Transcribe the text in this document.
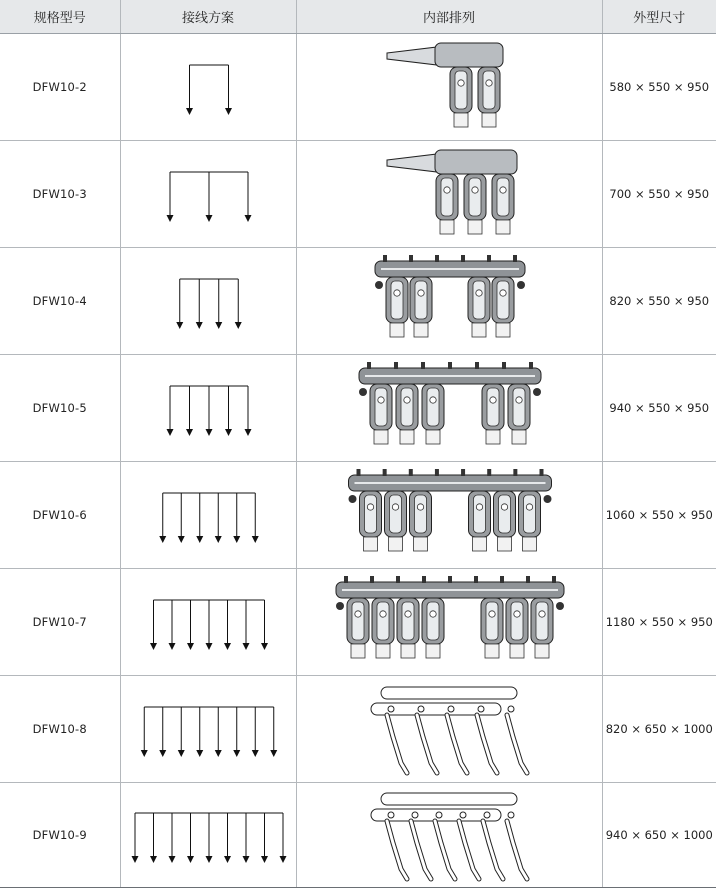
规格型号	接线方案	内部排列	外型尺寸
DFW10-2			580 × 550 × 950
DFW10-3			700 × 550 × 950
DFW10-4			820 × 550 × 950
DFW10-5			940 × 550 × 950
DFW10-6			1060 × 550 × 950
DFW10-7			1180 × 550 × 950
DFW10-8			820 × 650 × 1000
DFW10-9			940 × 650 × 1000
